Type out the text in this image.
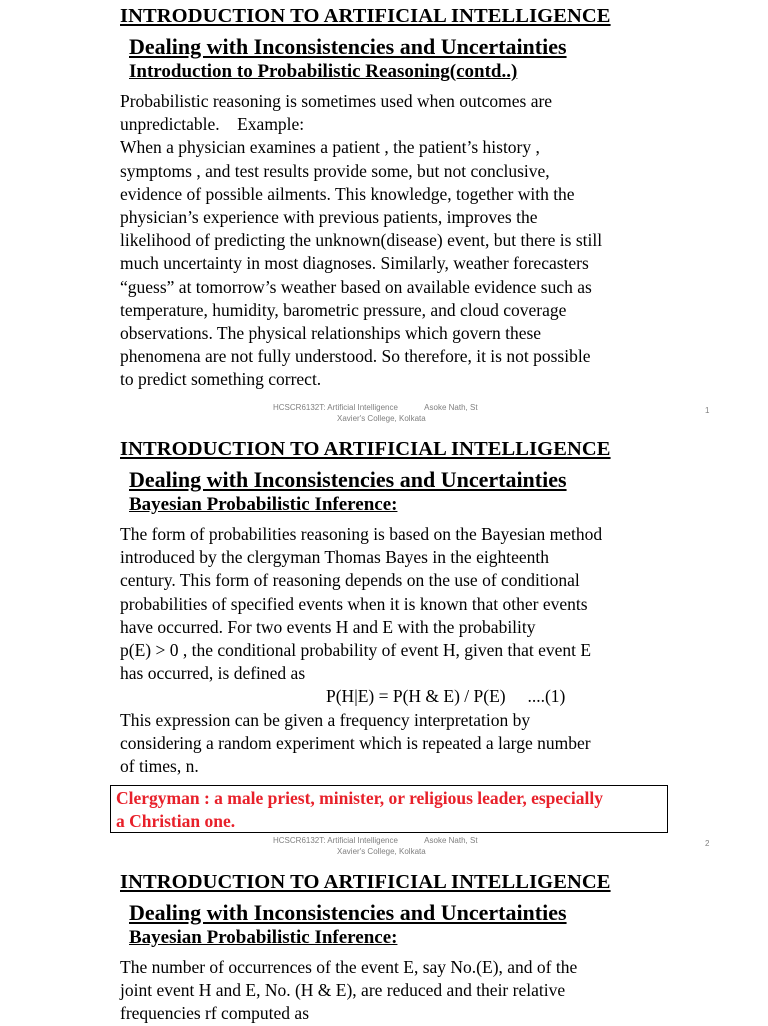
INTRODUCTION TO ARTIFICIAL INTELLIGENCE
Dealing with Inconsistencies and Uncertainties
Introduction to Probabilistic Reasoning(contd..)
Probabilistic reasoning is sometimes used when outcomes are
unpredictable.    Example:
When a physician examines a patient , the patient’s history ,
symptoms , and test results provide some, but not conclusive,
evidence of possible ailments. This knowledge, together with the
physician’s experience with previous patients, improves the
likelihood of predicting the unknown(disease) event, but there is still
much uncertainty in most diagnoses. Similarly, weather forecasters
“guess” at tomorrow’s weather based on available evidence such as
temperature, humidity, barometric pressure, and cloud coverage
observations. The physical relationships which govern these
phenomena are not fully understood. So therefore, it is not possible
to predict something correct.
HCSCR6132T: Artificial Intelligence            Asoke Nath, St
Xavier's College, Kolkata
1
INTRODUCTION TO ARTIFICIAL INTELLIGENCE
Dealing with Inconsistencies and Uncertainties
Bayesian Probabilistic Inference:
The form of probabilities reasoning is based on the Bayesian method
introduced by the clergyman Thomas Bayes in the eighteenth
century. This form of reasoning depends on the use of conditional
probabilities of specified events when it is known that other events
have occurred. For two events H and E with the probability
p(E) > 0 , the conditional probability of event H, given that event E
has occurred, is defined as
P(H|E) = P(H & E) / P(E)     ....(1)
This expression can be given a frequency interpretation by
considering a random experiment which is repeated a large number
of times, n.
Clergyman : a male priest, minister, or religious leader, especially
a Christian one.
HCSCR6132T: Artificial Intelligence            Asoke Nath, St
Xavier's College, Kolkata
2
INTRODUCTION TO ARTIFICIAL INTELLIGENCE
Dealing with Inconsistencies and Uncertainties
Bayesian Probabilistic Inference:
The number of occurrences of the event E, say No.(E), and of the
joint event H and E, No. (H & E), are reduced and their relative
frequencies rf computed as
